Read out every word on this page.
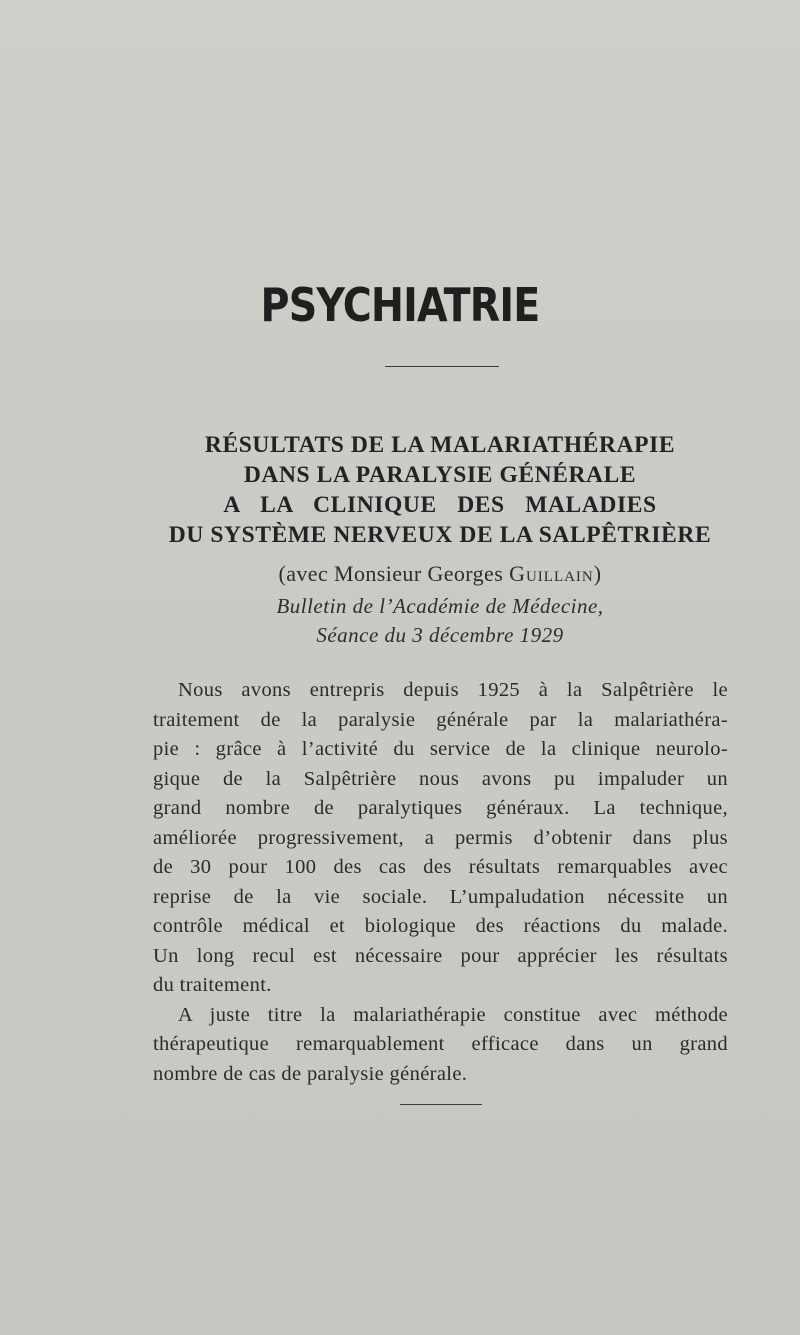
PSYCHIATRIE
RÉSULTATS DE LA MALARIATHÉRAPIE
DANS LA PARALYSIE GÉNÉRALE
A LA CLINIQUE DES MALADIES
DU SYSTÈME NERVEUX DE LA SALPÊTRIÈRE
(avec Monsieur Georges Guillain)
Bulletin de l’Académie de Médecine,
Séance du 3 décembre 1929
Nous avons entrepris depuis 1925 à la Salpêtrière le
traitement de la paralysie générale par la malariathéra-
pie : grâce à l’activité du service de la clinique neurolo-
gique de la Salpêtrière nous avons pu impaluder un
grand nombre de paralytiques généraux. La technique,
améliorée progressivement, a permis d’obtenir dans plus
de 30 pour 100 des cas des résultats remarquables avec
reprise de la vie sociale. L’umpaludation nécessite un
contrôle médical et biologique des réactions du malade.
Un long recul est nécessaire pour apprécier les résultats
du traitement.
A juste titre la malariathérapie constitue avec méthode
thérapeutique remarquablement efficace dans un grand
nombre de cas de paralysie générale.
